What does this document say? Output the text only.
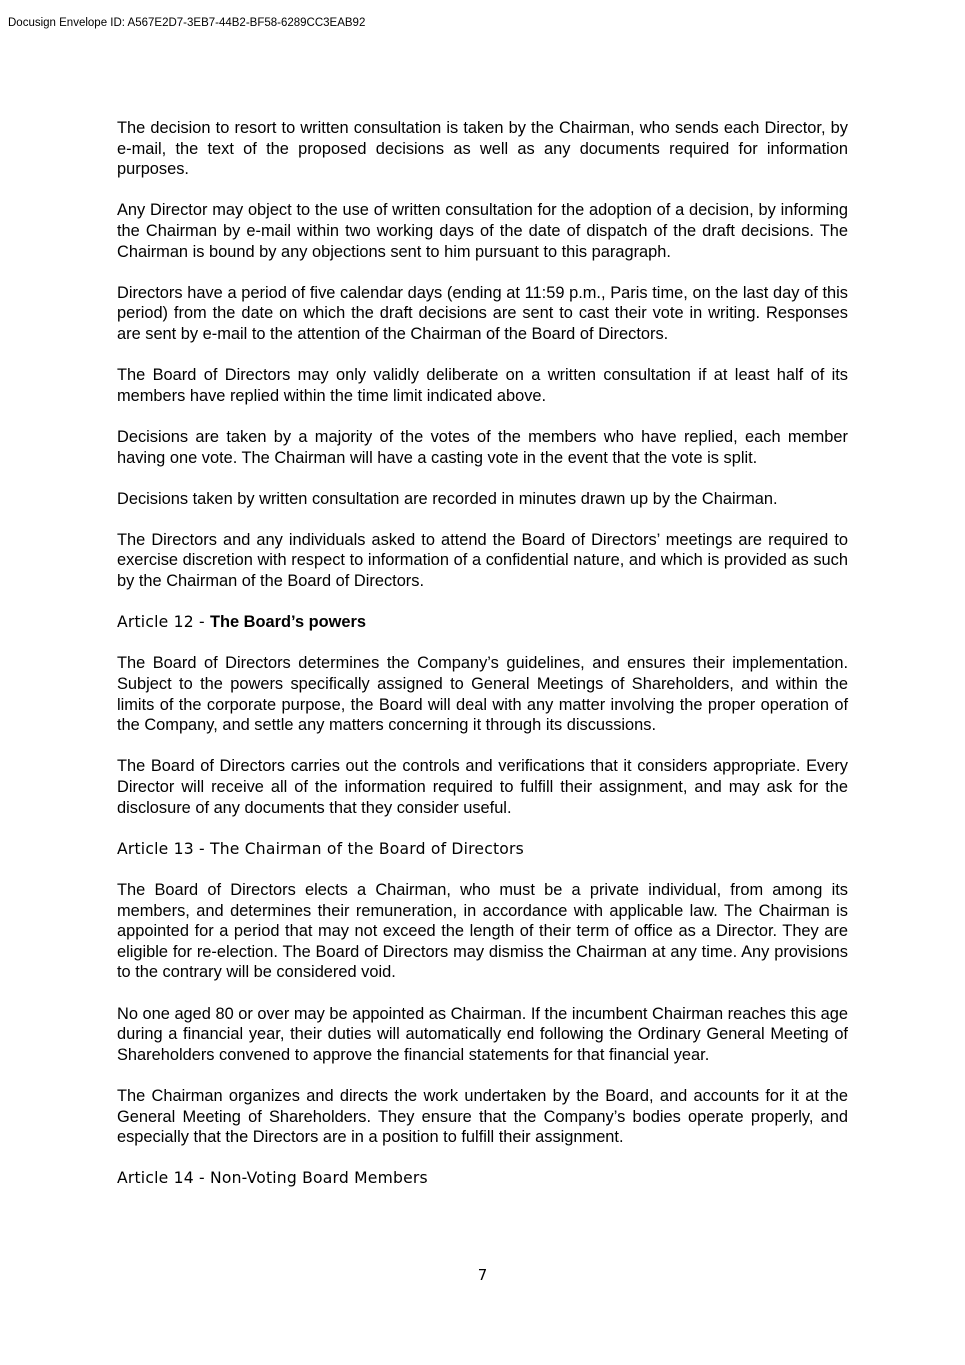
Docusign Envelope ID: A567E2D7-3EB7-44B2-BF58-6289CC3EAB92

The decision to resort to written consultation is taken by the Chairman, who sends each Director, by e-mail, the text of the proposed decisions as well as any documents required for information purposes.

Any Director may object to the use of written consultation for the adoption of a decision, by informing the Chairman by e-mail within two working days of the date of dispatch of the draft decisions. The Chairman is bound by any objections sent to him pursuant to this paragraph.

Directors have a period of five calendar days (ending at 11:59 p.m., Paris time, on the last day of this period) from the date on which the draft decisions are sent to cast their vote in writing. Responses are sent by e-mail to the attention of the Chairman of the Board of Directors.

The Board of Directors may only validly deliberate on a written consultation if at least half of its members have replied within the time limit indicated above.

Decisions are taken by a majority of the votes of the members who have replied, each member having one vote. The Chairman will have a casting vote in the event that the vote is split.

Decisions taken by written consultation are recorded in minutes drawn up by the Chairman.

The Directors and any individuals asked to attend the Board of Directors’ meetings are required to exercise discretion with respect to information of a confidential nature, and which is provided as such by the Chairman of the Board of Directors.

Article 12 - The Board’s powers

The Board of Directors determines the Company’s guidelines, and ensures their implementation. Subject to the powers specifically assigned to General Meetings of Shareholders, and within the limits of the corporate purpose, the Board will deal with any matter involving the proper operation of the Company, and settle any matters concerning it through its discussions.

The Board of Directors carries out the controls and verifications that it considers appropriate. Every Director will receive all of the information required to fulfill their assignment, and may ask for the disclosure of any documents that they consider useful.

Article 13 - The Chairman of the Board of Directors

The Board of Directors elects a Chairman, who must be a private individual, from among its members, and determines their remuneration, in accordance with applicable law. The Chairman is appointed for a period that may not exceed the length of their term of office as a Director. They are eligible for re-election. The Board of Directors may dismiss the Chairman at any time. Any provisions to the contrary will be considered void.

No one aged 80 or over may be appointed as Chairman. If the incumbent Chairman reaches this age during a financial year, their duties will automatically end following the Ordinary General Meeting of Shareholders convened to approve the financial statements for that financial year.

The Chairman organizes and directs the work undertaken by the Board, and accounts for it at the General Meeting of Shareholders. They ensure that the Company’s bodies operate properly, and especially that the Directors are in a position to fulfill their assignment.

Article 14 - Non-Voting Board Members
7
